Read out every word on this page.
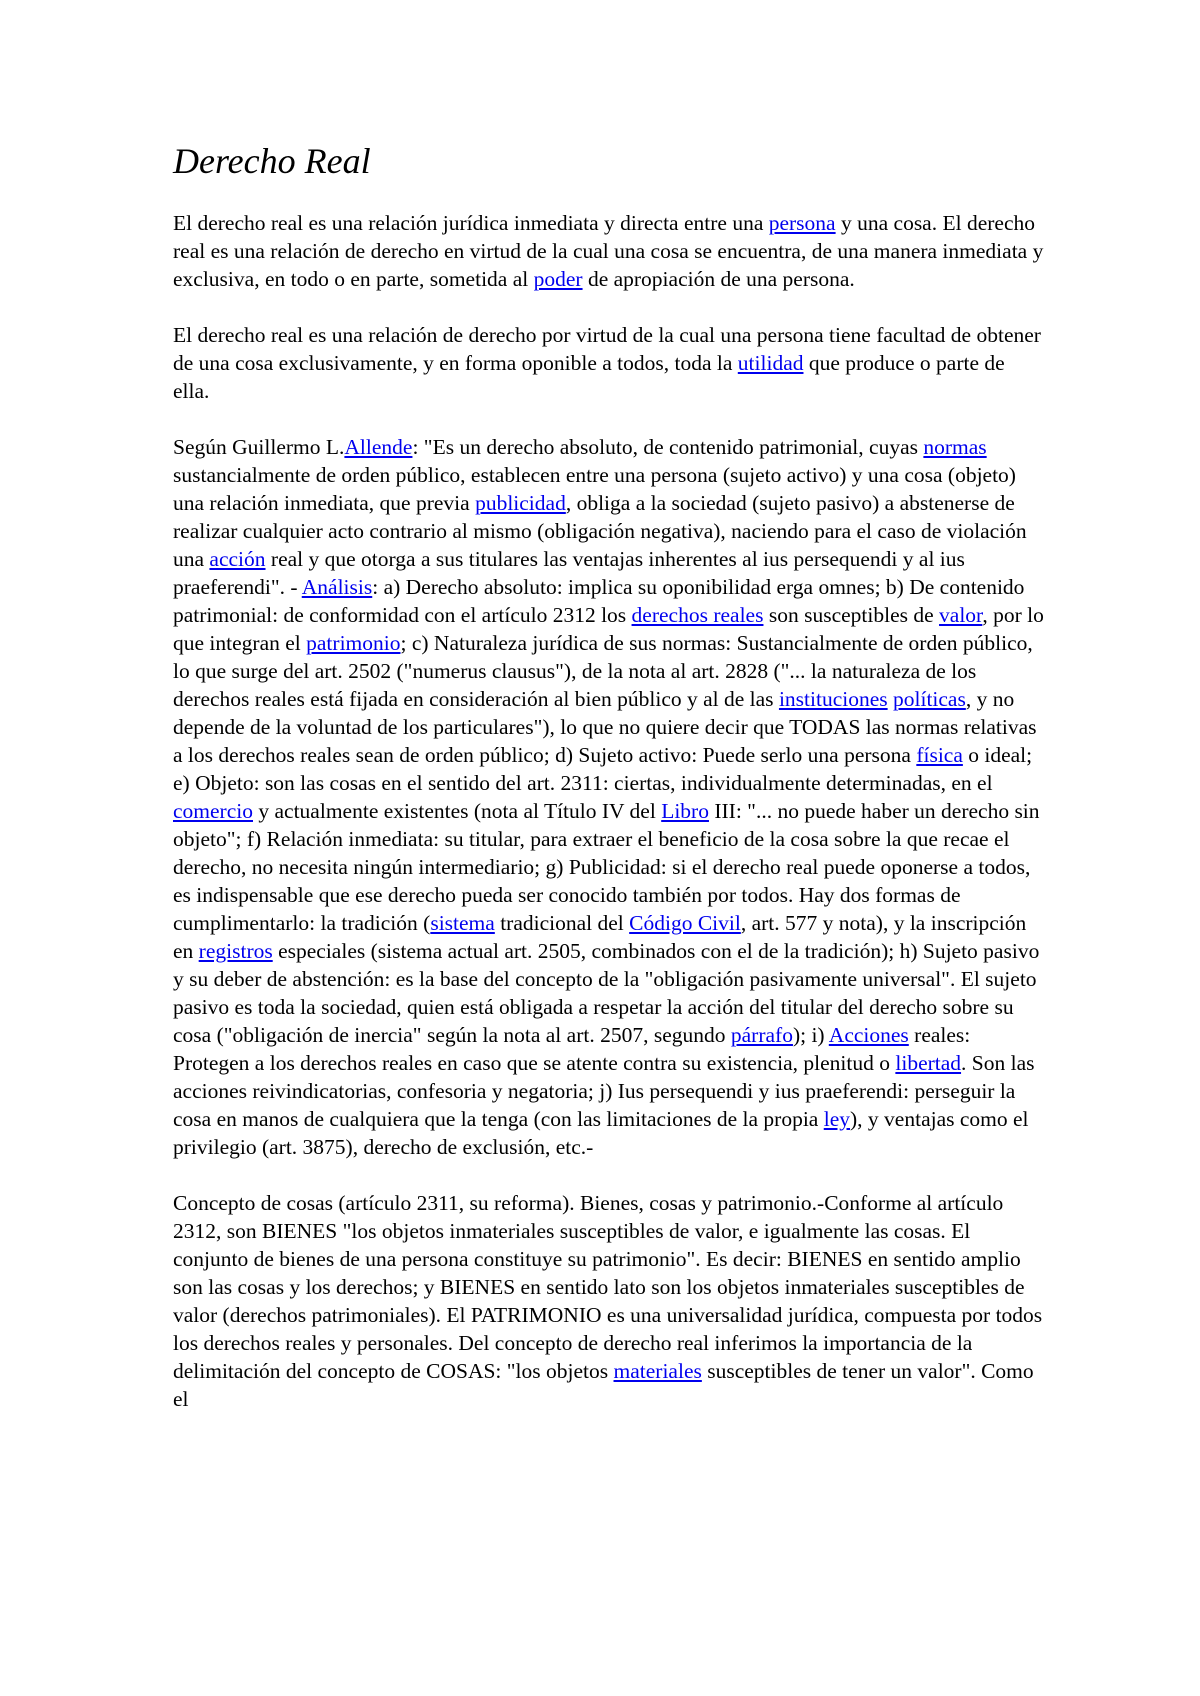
Derecho Real

El derecho real es una relación jurídica inmediata y directa entre una persona y una cosa. El derecho real es una relación de derecho en virtud de la cual una cosa se encuentra, de una manera inmediata y exclusiva, en todo o en parte, sometida al poder de apropiación de una persona.

El derecho real es una relación de derecho por virtud de la cual una persona tiene facultad de obtener de una cosa exclusivamente, y en forma oponible a todos, toda la utilidad que produce o parte de ella.

Según Guillermo L.Allende: "Es un derecho absoluto, de contenido patrimonial, cuyas normas sustancialmente de orden público, establecen entre una persona (sujeto activo) y una cosa (objeto) una relación inmediata, que previa publicidad, obliga a la sociedad (sujeto pasivo) a abstenerse de realizar cualquier acto contrario al mismo (obligación negativa), naciendo para el caso de violación una acción real y que otorga a sus titulares las ventajas inherentes al ius persequendi y al ius praeferendi". - Análisis: a) Derecho absoluto: implica su oponibilidad erga omnes; b) De contenido patrimonial: de conformidad con el artículo 2312 los derechos reales son susceptibles de valor, por lo que integran el patrimonio; c) Naturaleza jurídica de sus normas: Sustancialmente de orden público, lo que surge del art. 2502 ("numerus clausus"), de la nota al art. 2828 ("... la naturaleza de los derechos reales está fijada en consideración al bien público y al de las instituciones políticas, y no depende de la voluntad de los particulares"), lo que no quiere decir que TODAS las normas relativas a los derechos reales sean de orden público; d) Sujeto activo: Puede serlo una persona física o ideal; e) Objeto: son las cosas en el sentido del art. 2311: ciertas, individualmente determinadas, en el comercio y actualmente existentes (nota al Título IV del Libro III: "... no puede haber un derecho sin objeto"; f) Relación inmediata: su titular, para extraer el beneficio de la cosa sobre la que recae el derecho, no necesita ningún intermediario; g) Publicidad: si el derecho real puede oponerse a todos, es indispensable que ese derecho pueda ser conocido también por todos. Hay dos formas de cumplimentarlo: la tradición (sistema tradicional del Código Civil, art. 577 y nota), y la inscripción en registros especiales (sistema actual art. 2505, combinados con el de la tradición); h) Sujeto pasivo y su deber de abstención: es la base del concepto de la "obligación pasivamente universal". El sujeto pasivo es toda la sociedad, quien está obligada a respetar la acción del titular del derecho sobre su cosa ("obligación de inercia" según la nota al art. 2507, segundo párrafo); i) Acciones reales: Protegen a los derechos reales en caso que se atente contra su existencia, plenitud o libertad. Son las acciones reivindicatorias, confesoria y negatoria; j) Ius persequendi y ius praeferendi: perseguir la cosa en manos de cualquiera que la tenga (con las limitaciones de la propia ley), y ventajas como el privilegio (art. 3875), derecho de exclusión, etc.-

Concepto de cosas (artículo 2311, su reforma). Bienes, cosas y patrimonio.-Conforme al artículo 2312, son BIENES "los objetos inmateriales susceptibles de valor, e igualmente las cosas. El conjunto de bienes de una persona constituye su patrimonio". Es decir: BIENES en sentido amplio son las cosas y los derechos; y BIENES en sentido lato son los objetos inmateriales susceptibles de valor (derechos patrimoniales). El PATRIMONIO es una universalidad jurídica, compuesta por todos los derechos reales y personales. Del concepto de derecho real inferimos la importancia de la delimitación del concepto de COSAS: "los objetos materiales susceptibles de tener un valor". Como el
